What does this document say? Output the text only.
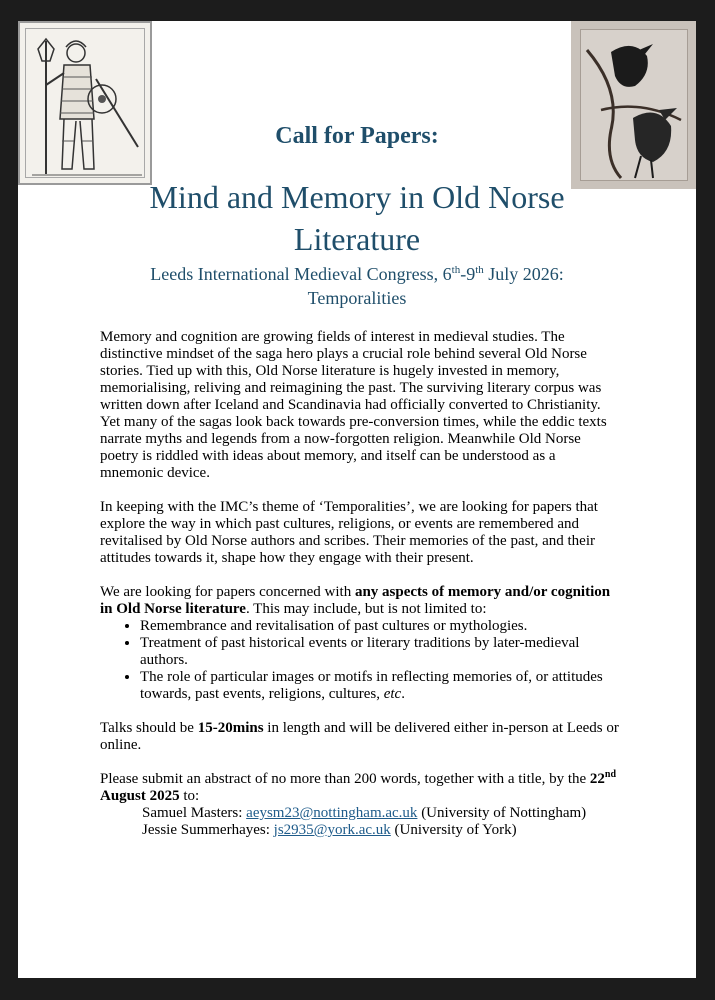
Call for Papers:
Mind and Memory in Old Norse
Literature
Leeds International Medieval Congress, 6th-9th July 2026:
Temporalities

Memory and cognition are growing fields of interest in medieval studies. The distinctive mindset of the saga hero plays a crucial role behind several Old Norse stories. Tied up with this, Old Norse literature is hugely invested in memory, memorialising, reliving and reimagining the past. The surviving literary corpus was written down after Iceland and Scandinavia had officially converted to Christianity. Yet many of the sagas look back towards pre-conversion times, while the eddic texts narrate myths and legends from a now-forgotten religion. Meanwhile Old Norse poetry is riddled with ideas about memory, and itself can be understood as a mnemonic device.

In keeping with the IMC’s theme of ‘Temporalities’, we are looking for papers that explore the way in which past cultures, religions, or events are remembered and revitalised by Old Norse authors and scribes. Their memories of the past, and their attitudes towards it, shape how they engage with their present.

We are looking for papers concerned with any aspects of memory and/or cognition in Old Norse literature. This may include, but is not limited to:

• Remembrance and revitalisation of past cultures or mythologies.
• Treatment of past historical events or literary traditions by later-medieval authors.
• The role of particular images or motifs in reflecting memories of, or attitudes towards, past events, religions, cultures, etc.

Talks should be 15-20mins in length and will be delivered either in-person at Leeds or online.

Please submit an abstract of no more than 200 words, together with a title, by the 22nd August 2025 to:

Samuel Masters: aeysm23@nottingham.ac.uk (University of Nottingham)
Jessie Summerhayes: js2935@york.ac.uk (University of York)
